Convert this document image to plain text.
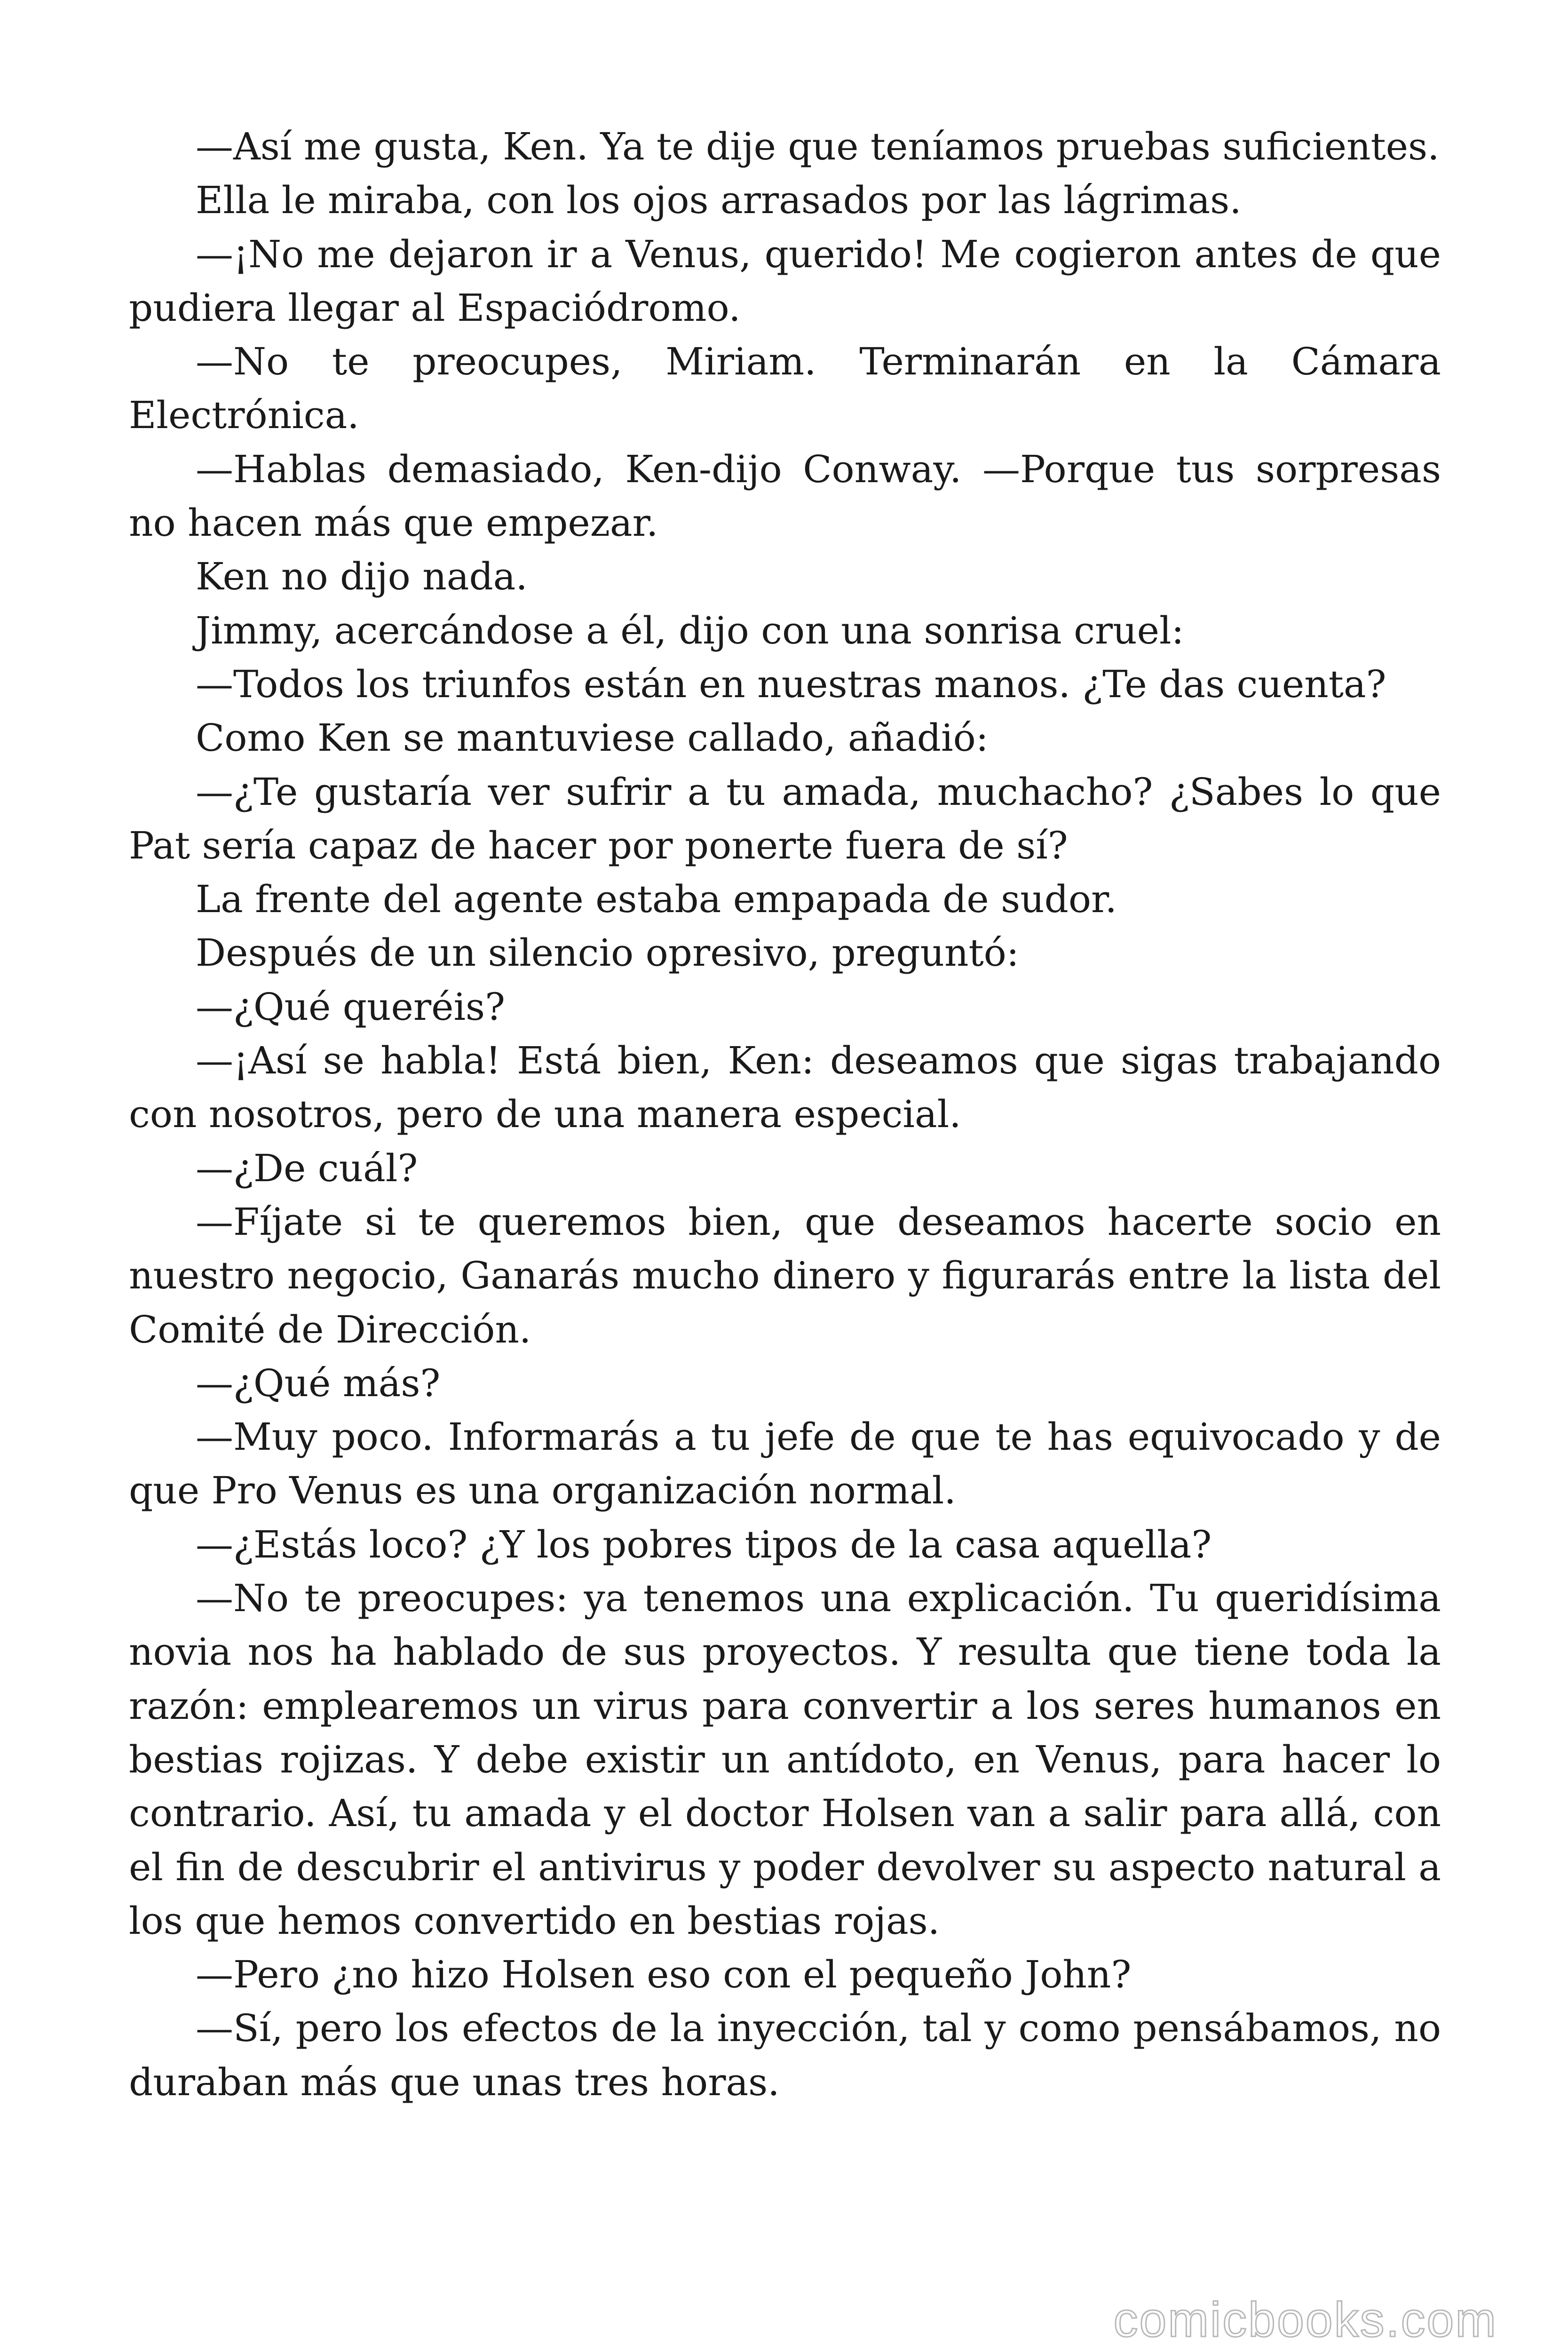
—Así me gusta, Ken. Ya te dije que teníamos pruebas suficientes.

Ella le miraba, con los ojos arrasados por las lágrimas.

—¡No me dejaron ir a Venus, querido! Me cogieron antes de que pudiera llegar al Espaciódromo.

—No te preocupes, Miriam. Terminarán en la Cámara Electrónica.

—Hablas demasiado, Ken-dijo Conway. —Porque tus sorpresas no hacen más que empezar.

Ken no dijo nada.

Jimmy, acercándose a él, dijo con una sonrisa cruel:

—Todos los triunfos están en nuestras manos. ¿Te das cuenta?

Como Ken se mantuviese callado, añadió:

—¿Te gustaría ver sufrir a tu amada, muchacho? ¿Sabes lo que Pat sería capaz de hacer por ponerte fuera de sí?

La frente del agente estaba empapada de sudor.

Después de un silencio opresivo, preguntó:

—¿Qué queréis?

—¡Así se habla! Está bien, Ken: deseamos que sigas trabajando con nosotros, pero de una manera especial.

—¿De cuál?

—Fíjate si te queremos bien, que deseamos hacerte socio en nuestro negocio, Ganarás mucho dinero y figurarás entre la lista del Comité de Dirección.

—¿Qué más?

—Muy poco. Informarás a tu jefe de que te has equivocado y de que Pro Venus es una organización normal.

—¿Estás loco? ¿Y los pobres tipos de la casa aquella?

—No te preocupes: ya tenemos una explicación. Tu queridísima novia nos ha hablado de sus proyectos. Y resulta que tiene toda la razón: emplearemos un virus para convertir a los seres humanos en bestias rojizas. Y debe existir un antídoto, en Venus, para hacer lo contrario. Así, tu amada y el doctor Holsen van a salir para allá, con el fin de descubrir el antivirus y poder devolver su aspecto natural a los que hemos convertido en bestias rojas.

—Pero ¿no hizo Holsen eso con el pequeño John?

—Sí, pero los efectos de la inyección, tal y como pensábamos, no duraban más que unas tres horas.

comicbooks.com
